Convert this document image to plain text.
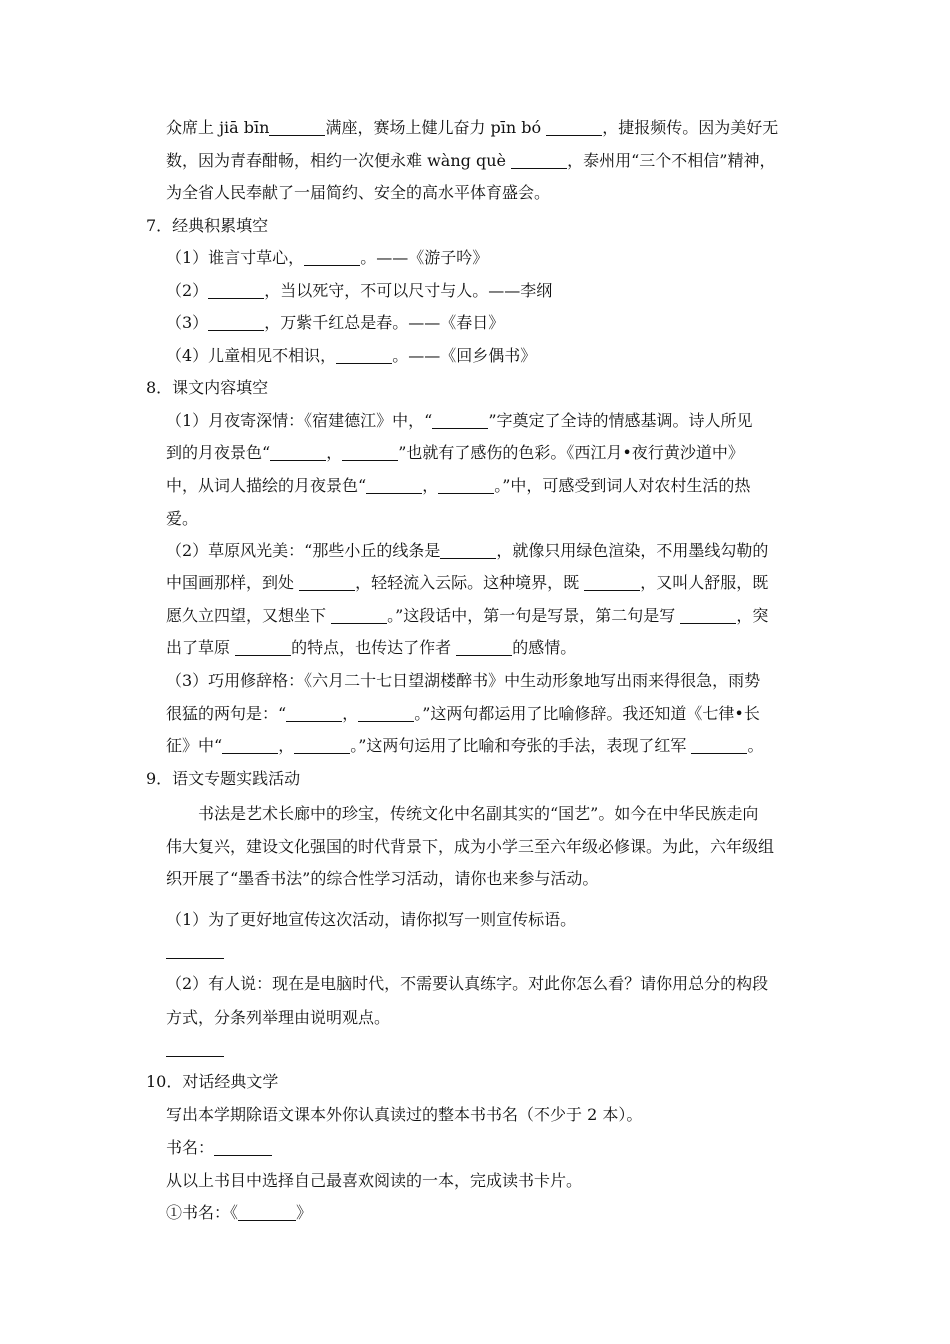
众席上 jiā bīn	满座，赛场上健儿奋力 pīn bó	，捷报频传。因为美好无
数，因为青春酣畅，相约一次便永难 wàng què	，泰州用“三个不相信”精神，
为全省人民奉献了一届简约、安全的高水平体育盛会。
7．经典积累填空
（1）谁言寸草心，	。——《游子吟》
（2）	，当以死守，不可以尺寸与人。——李纲
（3）	，万紫千红总是春。——《春日》
（4）儿童相见不相识，	。——《回乡偶书》
8．课文内容填空
（1）月夜寄深情：《宿建德江》中，“	”字奠定了全诗的情感基调。诗人所见
到的月夜景色“	，	”也就有了感伤的色彩。《西江月•夜行黄沙道中》
中，从词人描绘的月夜景色“	，	。”中，可感受到词人对农村生活的热
爱。
（2）草原风光美：“那些小丘的线条是	，就像只用绿色渲染，不用墨线勾勒的
中国画那样，到处	，轻轻流入云际。这种境界，既	，又叫人舒服，既
愿久立四望，又想坐下	。”这段话中，第一句是写景，第二句是写	，突
出了草原	的特点，也传达了作者	的感情。
（3）巧用修辞格：《六月二十七日望湖楼醉书》中生动形象地写出雨来得很急，雨势
很猛的两句是：“	，	。”这两句都运用了比喻修辞。我还知道《七律•长
征》中“	，	。”这两句运用了比喻和夸张的手法，表现了红军	。
9．语文专题实践活动
书法是艺术长廊中的珍宝，传统文化中名副其实的“国艺”。如今在中华民族走向
伟大复兴，建设文化强国的时代背景下，成为小学三至六年级必修课。为此，六年级组
织开展了“墨香书法”的综合性学习活动，请你也来参与活动。
（1）为了更好地宣传这次活动，请你拟写一则宣传标语。
（2）有人说：现在是电脑时代，不需要认真练字。对此你怎么看？请你用总分的构段
方式，分条列举理由说明观点。
10．对话经典文学
写出本学期除语文课本外你认真读过的整本书书名（不少于 2 本）。
书名：
从以上书目中选择自己最喜欢阅读的一本，完成读书卡片。
①书名：《	》
